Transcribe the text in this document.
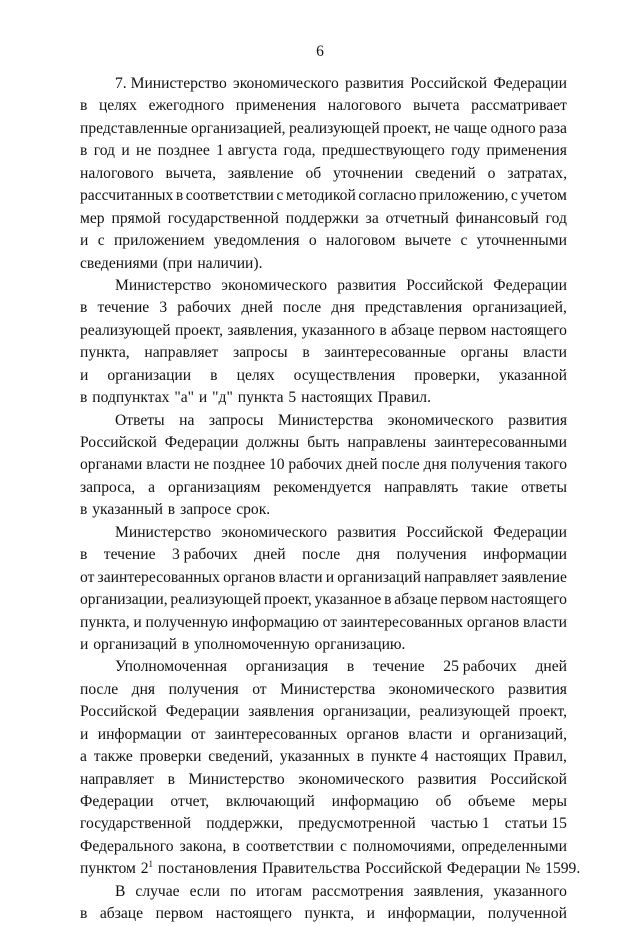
6
7. Министерство экономического развития Российской Федерации
в целях ежегодного применения налогового вычета рассматривает
представленные организацией, реализующей проект, не чаще одного раза
в год и не позднее 1 августа года, предшествующего году применения
налогового вычета, заявление об уточнении сведений о затратах,
рассчитанных в соответствии с методикой согласно приложению, с учетом
мер прямой государственной поддержки за отчетный финансовый год
и с приложением уведомления о налоговом вычете с уточненными
сведениями (при наличии).
Министерство экономического развития Российской Федерации
в течение 3 рабочих дней после дня представления организацией,
реализующей проект, заявления, указанного в абзаце первом настоящего
пункта, направляет запросы в заинтересованные органы власти
и организации в целях осуществления проверки, указанной
в подпунктах "а" и "д" пункта 5 настоящих Правил.
Ответы на запросы Министерства экономического развития
Российской Федерации должны быть направлены заинтересованными
органами власти не позднее 10 рабочих дней после дня получения такого
запроса, а организациям рекомендуется направлять такие ответы
в указанный в запросе срок.
Министерство экономического развития Российской Федерации
в течение 3 рабочих дней после дня получения информации
от заинтересованных органов власти и организаций направляет заявление
организации, реализующей проект, указанное в абзаце первом настоящего
пункта, и полученную информацию от заинтересованных органов власти
и организаций в уполномоченную организацию.
Уполномоченная организация в течение 25 рабочих дней
после дня получения от Министерства экономического развития
Российской Федерации заявления организации, реализующей проект,
и информации от заинтересованных органов власти и организаций,
а также проверки сведений, указанных в пункте 4 настоящих Правил,
направляет в Министерство экономического развития Российской
Федерации отчет, включающий информацию об объеме меры
государственной поддержки, предусмотренной частью 1 статьи 15
Федерального закона, в соответствии с полномочиями, определенными
пунктом $2^1$ постановления Правительства Российской Федерации № 1599.
В случае если по итогам рассмотрения заявления, указанного
в абзаце первом настоящего пункта, и информации, полученной
